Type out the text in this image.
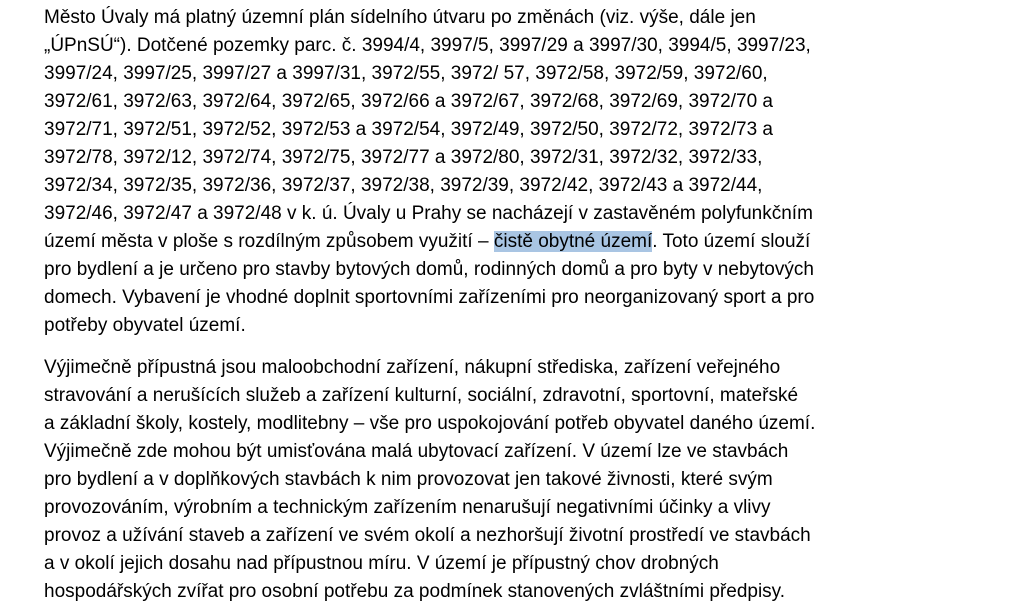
Město Úvaly má platný územní plán sídelního útvaru po změnách (viz. výše, dále jen
„ÚPnSÚ“). Dotčené pozemky parc. č. 3994/4, 3997/5, 3997/29 a 3997/30, 3994/5, 3997/23,
3997/24, 3997/25, 3997/27 a 3997/31, 3972/55, 3972/ 57, 3972/58, 3972/59, 3972/60,
3972/61, 3972/63, 3972/64, 3972/65, 3972/66 a 3972/67, 3972/68, 3972/69, 3972/70 a
3972/71, 3972/51, 3972/52, 3972/53 a 3972/54, 3972/49, 3972/50, 3972/72, 3972/73 a
3972/78, 3972/12, 3972/74, 3972/75, 3972/77 a 3972/80, 3972/31, 3972/32, 3972/33,
3972/34, 3972/35, 3972/36, 3972/37, 3972/38, 3972/39, 3972/42, 3972/43 a 3972/44,
3972/46, 3972/47 a 3972/48 v k. ú. Úvaly u Prahy se nacházejí v zastavěném polyfunkčním
území města v ploše s rozdílným způsobem využití – čistě obytné území. Toto území slouží
pro bydlení a je určeno pro stavby bytových domů, rodinných domů a pro byty v nebytových
domech. Vybavení je vhodné doplnit sportovními zařízeními pro neorganizovaný sport a pro
potřeby obyvatel území.
Výjimečně přípustná jsou maloobchodní zařízení, nákupní střediska, zařízení veřejného
stravování a nerušících služeb a zařízení kulturní, sociální, zdravotní, sportovní, mateřské
a základní školy, kostely, modlitebny – vše pro uspokojování potřeb obyvatel daného území.
Výjimečně zde mohou být umisťována malá ubytovací zařízení. V území lze ve stavbách
pro bydlení a v doplňkových stavbách k nim provozovat jen takové živnosti, které svým
provozováním, výrobním a technickým zařízením nenarušují negativními účinky a vlivy
provoz a užívání staveb a zařízení ve svém okolí a nezhoršují životní prostředí ve stavbách
a v okolí jejich dosahu nad přípustnou míru. V území je přípustný chov drobných
hospodářských zvířat pro osobní potřebu za podmínek stanovených zvláštními předpisy.
